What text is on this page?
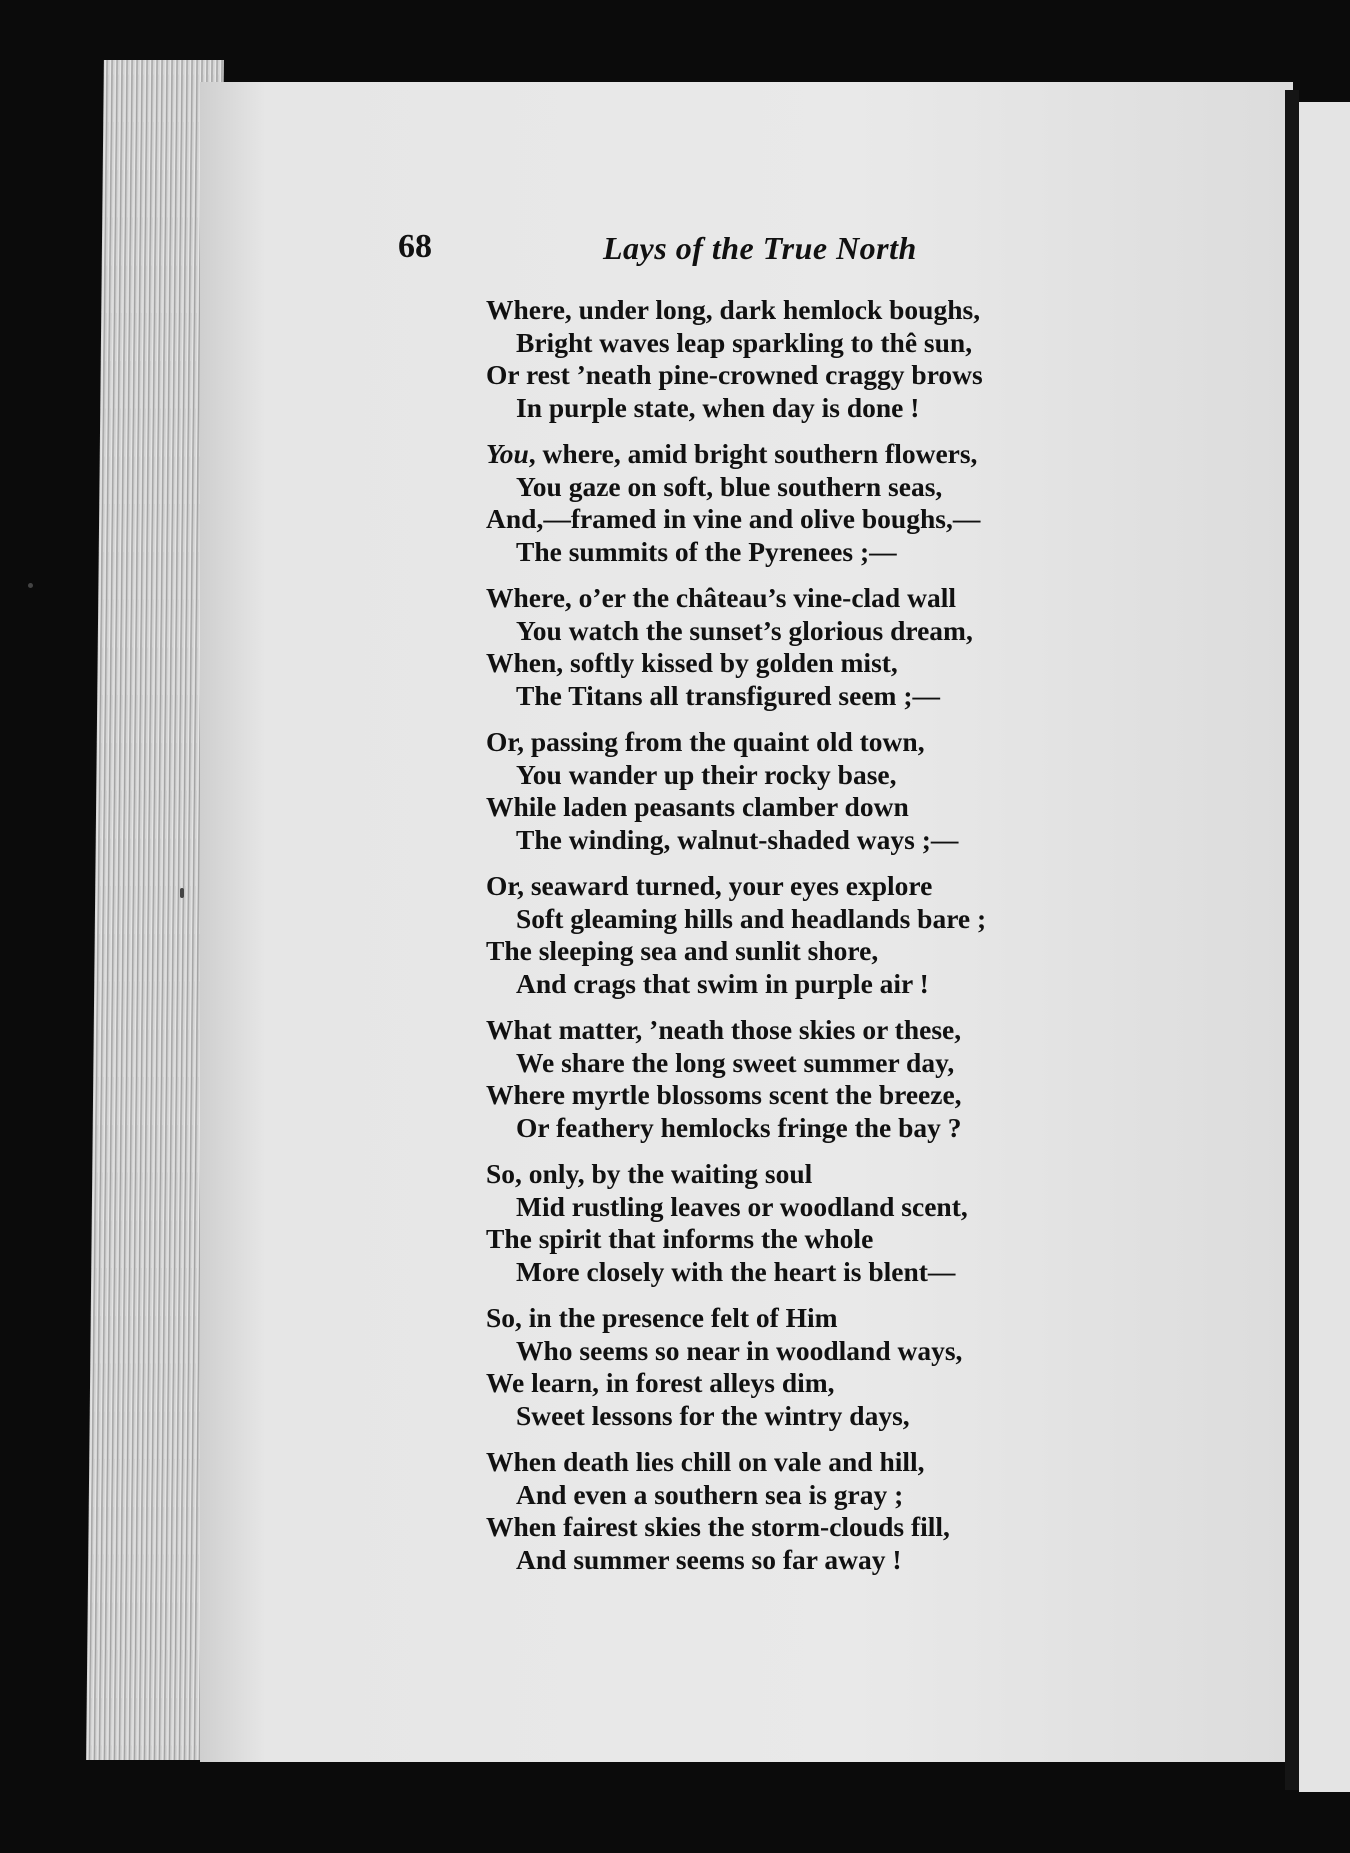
68	Lays of the True North
Where, under long, dark hemlock boughs,
Bright waves leap sparkling to thê sun,
Or rest ’neath pine-crowned craggy brows
In purple state, when day is done !
You, where, amid bright southern flowers,
You gaze on soft, blue southern seas,
And,—framed in vine and olive boughs,—
The summits of the Pyrenees ;—
Where, o’er the château’s vine-clad wall
You watch the sunset’s glorious dream,
When, softly kissed by golden mist,
The Titans all transfigured seem ;—
Or, passing from the quaint old town,
You wander up their rocky base,
While laden peasants clamber down
The winding, walnut-shaded ways ;—
Or, seaward turned, your eyes explore
Soft gleaming hills and headlands bare ;
The sleeping sea and sunlit shore,
And crags that swim in purple air !
What matter, ’neath those skies or these,
We share the long sweet summer day,
Where myrtle blossoms scent the breeze,
Or feathery hemlocks fringe the bay ?
So, only, by the waiting soul
Mid rustling leaves or woodland scent,
The spirit that informs the whole
More closely with the heart is blent—
So, in the presence felt of Him
Who seems so near in woodland ways,
We learn, in forest alleys dim,
Sweet lessons for the wintry days,
When death lies chill on vale and hill,
And even a southern sea is gray ;
When fairest skies the storm-clouds fill,
And summer seems so far away !
